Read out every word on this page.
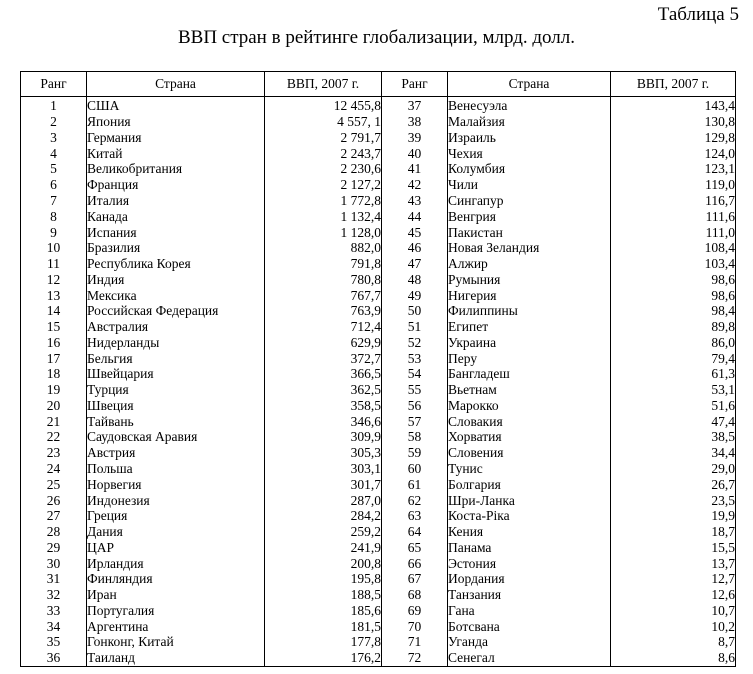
Таблица 5
ВВП стран в рейтинге глобализации, млрд. долл.
Ранг	Страна	ВВП, 2007 г.	Ранг	Страна	ВВП, 2007 г.
1	США	12 455,8	37	Венесуэла	143,4
2	Япония	4 557, 1	38	Малайзия	130,8
3	Германия	2 791,7	39	Израиль	129,8
4	Китай	2 243,7	40	Чехия	124,0
5	Великобритания	2 230,6	41	Колумбия	123,1
6	Франция	2 127,2	42	Чили	119,0
7	Италия	1 772,8	43	Сингапур	116,7
8	Канада	1 132,4	44	Венгрия	111,6
9	Испания	1 128,0	45	Пакистан	111,0
10	Бразилия	882,0	46	Новая Зеландия	108,4
11	Республика Корея	791,8	47	Алжир	103,4
12	Индия	780,8	48	Румыния	98,6
13	Мексика	767,7	49	Нигерия	98,6
14	Российская Федерация	763,9	50	Филиппины	98,4
15	Австралия	712,4	51	Египет	89,8
16	Нидерланды	629,9	52	Украина	86,0
17	Бельгия	372,7	53	Перу	79,4
18	Швейцария	366,5	54	Бангладеш	61,3
19	Турция	362,5	55	Вьетнам	53,1
20	Швеция	358,5	56	Марокко	51,6
21	Тайвань	346,6	57	Словакия	47,4
22	Саудовская Аравия	309,9	58	Хорватия	38,5
23	Австрия	305,3	59	Словения	34,4
24	Польша	303,1	60	Тунис	29,0
25	Норвегия	301,7	61	Болгария	26,7
26	Индонезия	287,0	62	Шри-Ланка	23,5
27	Греция	284,2	63	Коста-Ріка	19,9
28	Дания	259,2	64	Кения	18,7
29	ЦАР	241,9	65	Панама	15,5
30	Ирландия	200,8	66	Эстония	13,7
31	Финляндия	195,8	67	Иордания	12,7
32	Иран	188,5	68	Танзания	12,6
33	Португалия	185,6	69	Гана	10,7
34	Аргентина	181,5	70	Ботсвана	10,2
35	Гонконг, Китай	177,8	71	Уганда	8,7
36	Таиланд	176,2	72	Сенегал	8,6
